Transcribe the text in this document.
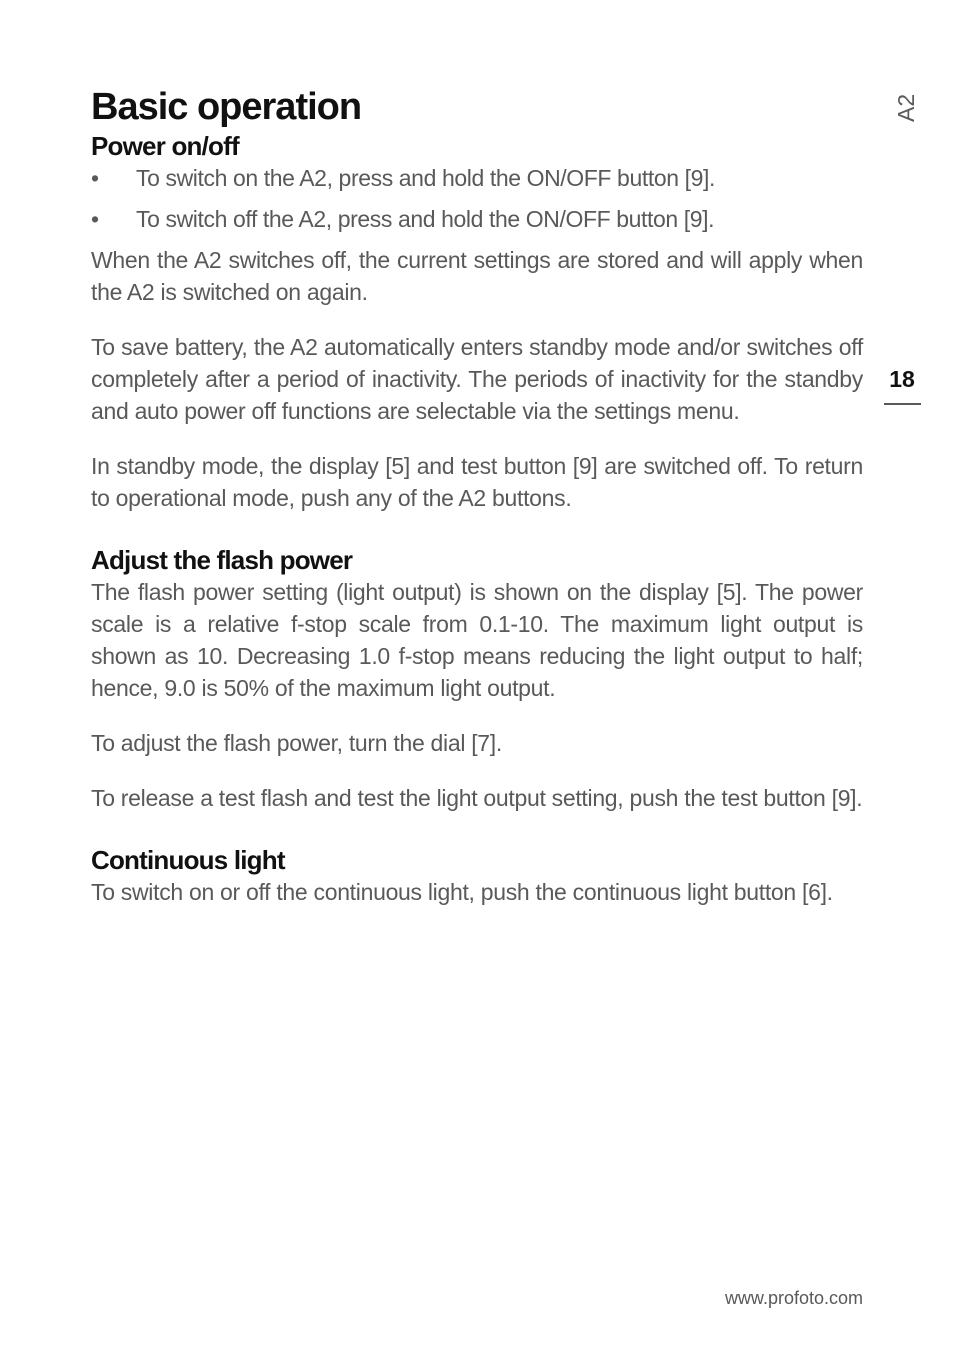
Basic operation
Power on/off
• To switch on the A2, press and hold the ON/OFF button [9].
• To switch off the A2, press and hold the ON/OFF button [9].

When the A2 switches off, the current settings are stored and will apply when the A2 is switched on again.

To save battery, the A2 automatically enters standby mode and/or switches off completely after a period of inactivity. The periods of inactivity for the standby and auto power off functions are selectable via the settings menu.

In standby mode, the display [5] and test button [9] are switched off. To return to operational mode, push any of the A2 buttons.

Adjust the flash power

The flash power setting (light output) is shown on the display [5]. The power scale is a relative f-stop scale from 0.1-10. The maximum light output is shown as 10. Decreasing 1.0 f-stop means reducing the light output to half; hence, 9.0 is 50% of the maximum light output.

To adjust the flash power, turn the dial [7].

To release a test flash and test the light output setting, push the test button [9].

Continuous light

To switch on or off the continuous light, push the continuous light button [6].

A2
18
www.profoto.com
